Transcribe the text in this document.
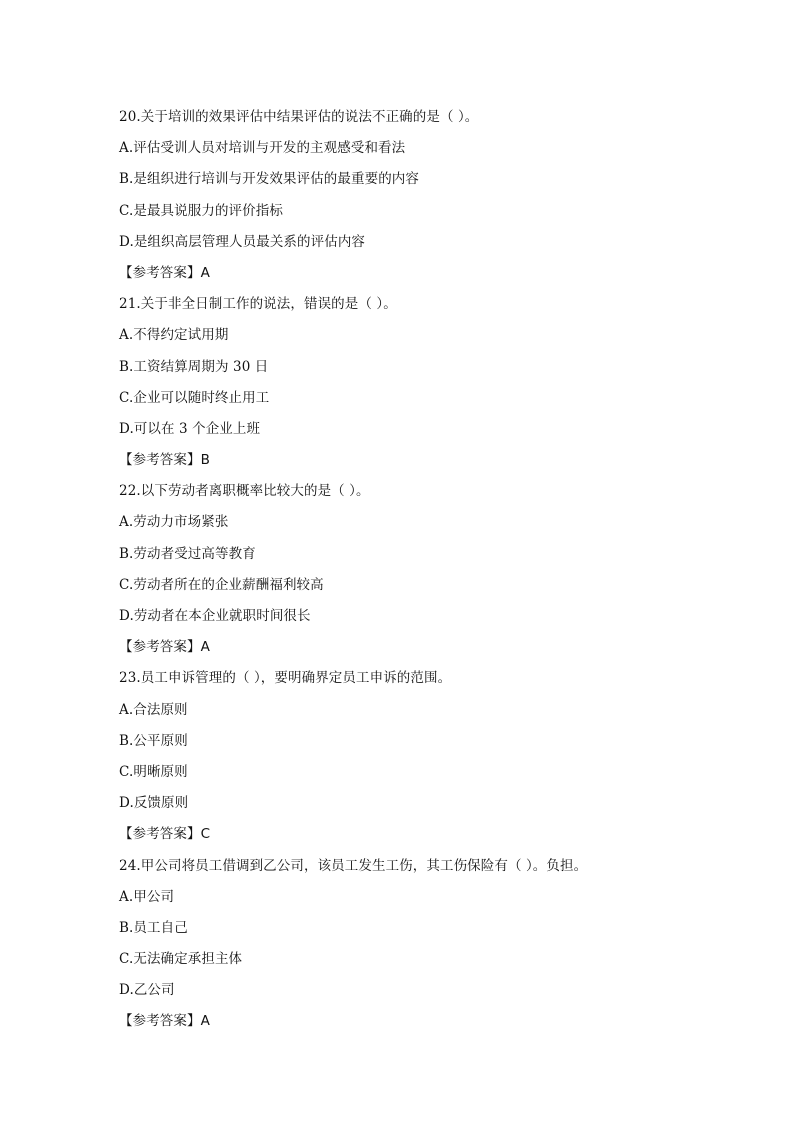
20.关于培训的效果评估中结果评估的说法不正确的是（ ）。
A.评估受训人员对培训与开发的主观感受和看法
B.是组织进行培训与开发效果评估的最重要的内容
C.是最具说服力的评价指标
D.是组织高层管理人员最关系的评估内容
【参考答案】A
21.关于非全日制工作的说法，错误的是（ ）。
A.不得约定试用期
B.工资结算周期为 30 日
C.企业可以随时终止用工
D.可以在 3 个企业上班
【参考答案】B
22.以下劳动者离职概率比较大的是（ ）。
A.劳动力市场紧张
B.劳动者受过高等教育
C.劳动者所在的企业薪酬福利较高
D.劳动者在本企业就职时间很长
【参考答案】A
23.员工申诉管理的（ ），要明确界定员工申诉的范围。
A.合法原则
B.公平原则
C.明晰原则
D.反馈原则
【参考答案】C
24.甲公司将员工借调到乙公司，该员工发生工伤，其工伤保险有（ ）。负担。
A.甲公司
B.员工自己
C.无法确定承担主体
D.乙公司
【参考答案】A
